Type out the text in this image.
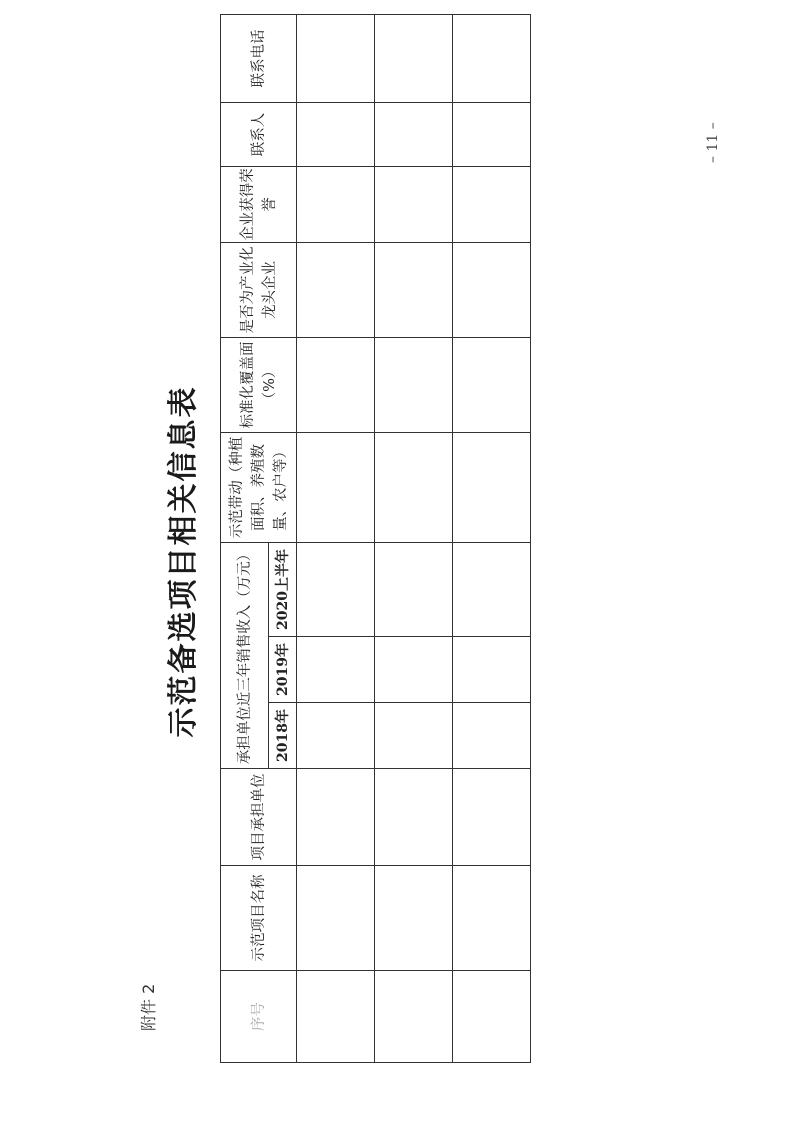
附件 2
示范备选项目相关信息表
序号	示范项目名称	项目承担单位	承担单位近三年销售收入（万元）			示范带动（种植面积、养殖数量、农户等）	标准化覆盖面（%）	是否为产业化龙头企业	企业获得荣誉	联系人	联系电话
			2018年	2019年	2020上半年						

– 11 –
